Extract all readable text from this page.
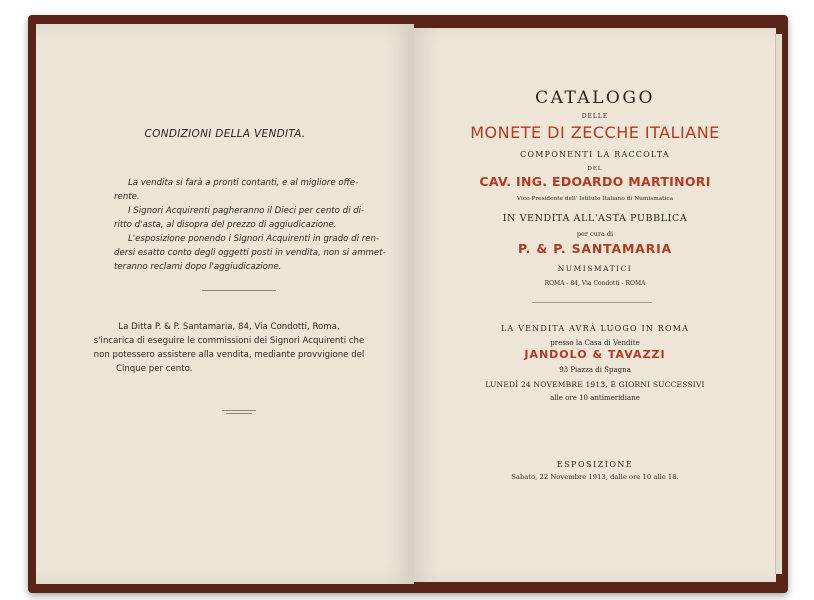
CONDIZIONI DELLA VENDITA.
La vendita si farà a pronti contanti, e al migliore offe-
rente.
I Signori Acquirenti pagheranno il Dieci per cento di di-
ritto d'asta, al disopra del prezzo di aggiudicazione.
L'esposizione ponendo i Signori Acquirenti in grado di ren-
dersi esatto conto degli oggetti posti in vendita, non si ammet-
teranno reclami dopo l'aggiudicazione.
La Ditta P. & P. Santamaria, 84, Via Condotti, Roma,
s'incarica di eseguire le commissioni dei Signori Acquirenti che
non potessero assistere alla vendita, mediante provvigione del
Cinque per cento.
CATALOGO
DELLE
MONETE DI ZECCHE ITALIANE
COMPONENTI LA RACCOLTA
DEL
CAV. ING. EDOARDO MARTINORI
Vice-Presidente dell' Istituto Italiano di Numismatica
IN VENDITA ALL'ASTA PUBBLICA
per cura di
P. & P. SANTAMARIA
NUMISMATICI
ROMA - 84, Via Condotti - ROMA
LA VENDITA AVRÀ LUOGO IN ROMA
presso la Casa di Vendite
JANDOLO & TAVAZZI
93 Piazza di Spagna
LUNEDÌ 24 NOVEMBRE 1913, E GIORNI SUCCESSIVI
alle ore 10 antimeridiane
ESPOSIZIONE
Sabato, 22 Novembre 1913, dalle ore 10 alle 18.
